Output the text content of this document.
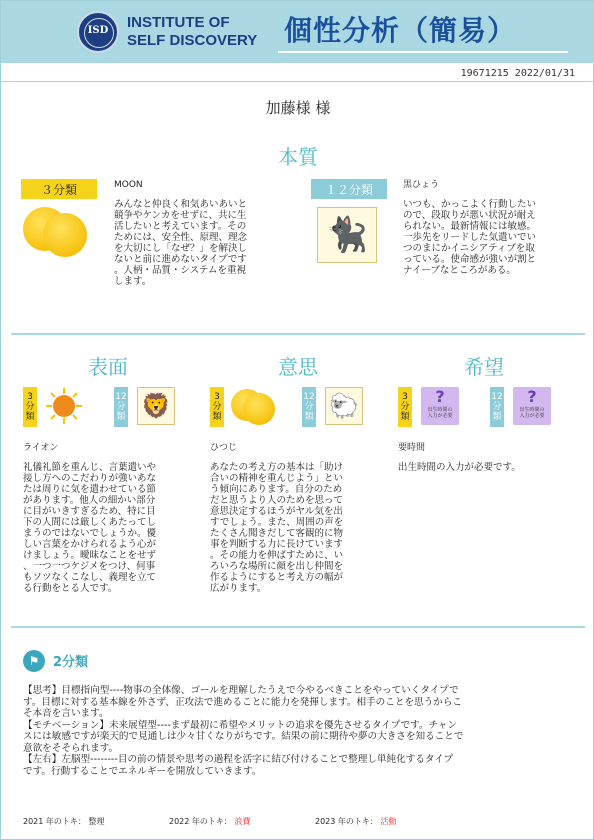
ISD	INSTITUTE OF
SELF DISCOVERY 個性分析（簡易）
19671215 2022/01/31
加藤様 様
本質
３分類	MOON
みんなと仲良く和気あいあいと
競争やケンカをせずに、共に生
活したいと考えています。その
ためには、安全性、原理、理念
を大切にし「なぜ？」を解決し
ないと前に進めないタイプです
。人柄・品質・システムを重視
します。
１２分類
🐈‍⬛
黒ひょう
いつも、かっこよく行動したい
ので、段取りが悪い状況が耐え
られない。最新情報には敏感。
一歩先をリードした気遣いでい
つのまにかイニシアティブを取
っている。使命感が強いが割と
ナイーブなところがある。
表面	意思	希望
3
分
類
12
分
類 🦁
ライオン
礼儀礼節を重んじ、言葉遣いや
接し方へのこだわりが強いあな
たは周りに気を遣わせている節
があります。他人の細かい部分
に目がいきすぎるため、特に目
下の人間には厳しくあたってし
まうのではないでしょうか。優
しい言葉をかけられるよう心が
けましょう。曖昧なことをせず
、一つ一つケジメをつけ、何事
もソツなくこなし、義理を立て
る行動をとる人です。
3
分
類
12
分
類 🐑
ひつじ
あなたの考え方の基本は「助け
合いの精神を重んじよう」とい
う傾向にあります。自分のため
だと思うより人のためを思って
意思決定するほうがヤル気を出
すでしょう。また、周囲の声を
たくさん聞きだして客観的に物
事を判断する力に長けています
。その能力を伸ばすために、い
ろいろな場所に顔を出し仲間を
作るようにすると考え方の幅が
広がります。
3
分
類
?
出生時間の
入力が必要
12
分
類
?
出生時間の
入力が必要
要時間
出生時間の入力が必要です。
⚑	2分類
【思考】目標指向型----物事の全体像、ゴールを理解したうえで今やるべきことをやっていくタイプで
す。目標に対する基本線を外さず、正攻法で進めることに能力を発揮します。相手のことを思うからこ
そ本音を言います。
【モチベーション】未来展望型----まず最初に希望やメリットの追求を優先させるタイプです。チャン
スには敏感ですが楽天的で見通しは少々甘くなりがちです。結果の前に期待や夢の大きさを知ることで
意欲をそそられます。
【左右】左脳型--------目の前の情景や思考の過程を活字に結び付けることで整理し単純化するタイプ
です。行動することでエネルギーを開放していきます。
2021 年のトキ： 整理	2022 年のトキ： 浪費	2023 年のトキ： 活動
